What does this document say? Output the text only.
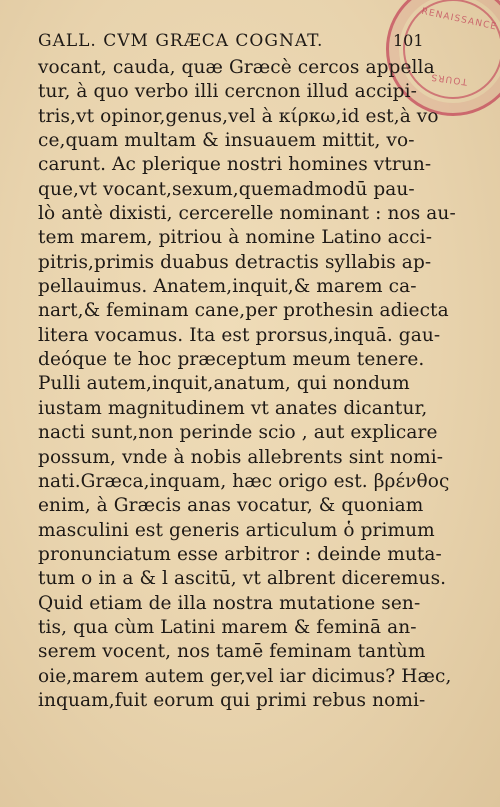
RENAISSANCE
TOURS
GALL. CVM GRÆCA COGNAT.	101
vocant, cauda, quæ Græcè cercos appella
tur, à quo verbo illi cercnon illud accipi-
tris,vt opinor,genus,vel à κίρκω,id est,à vo
ce,quam multam & insuauem mittit, vo-
carunt. Ac plerique nostri homines vtrun-
que,vt vocant,sexum,quemadmodū pau-
lò antè dixisti, cercerelle nominant : nos au-
tem marem, pitriou à nomine Latino acci-
pitris,primis duabus detractis syllabis ap-
pellauimus. Anatem,inquit,& marem ca-
nart,& feminam cane,per prothesin adiecta
litera vocamus. Ita est prorsus,inquā. gau-
deóque te hoc præceptum meum tenere.
Pulli autem,inquit,anatum, qui nondum
iustam magnitudinem vt anates dicantur,
nacti sunt,non perinde scio , aut explicare
possum, vnde à nobis allebrents sint nomi-
nati.Græca,inquam, hæc origo est. βρένθος
enim, à Græcis anas vocatur, & quoniam
masculini est generis articulum ὁ primum
pronunciatum esse arbitror : deinde muta-
tum o in a & l ascitū, vt albrent diceremus.
Quid etiam de illa nostra mutatione sen-
tis, qua cùm Latini marem & feminā an-
serem vocent, nos tamē feminam tantùm
oie,marem autem ger,vel iar dicimus? Hæc,
inquam,fuit eorum qui primi rebus nomi-
